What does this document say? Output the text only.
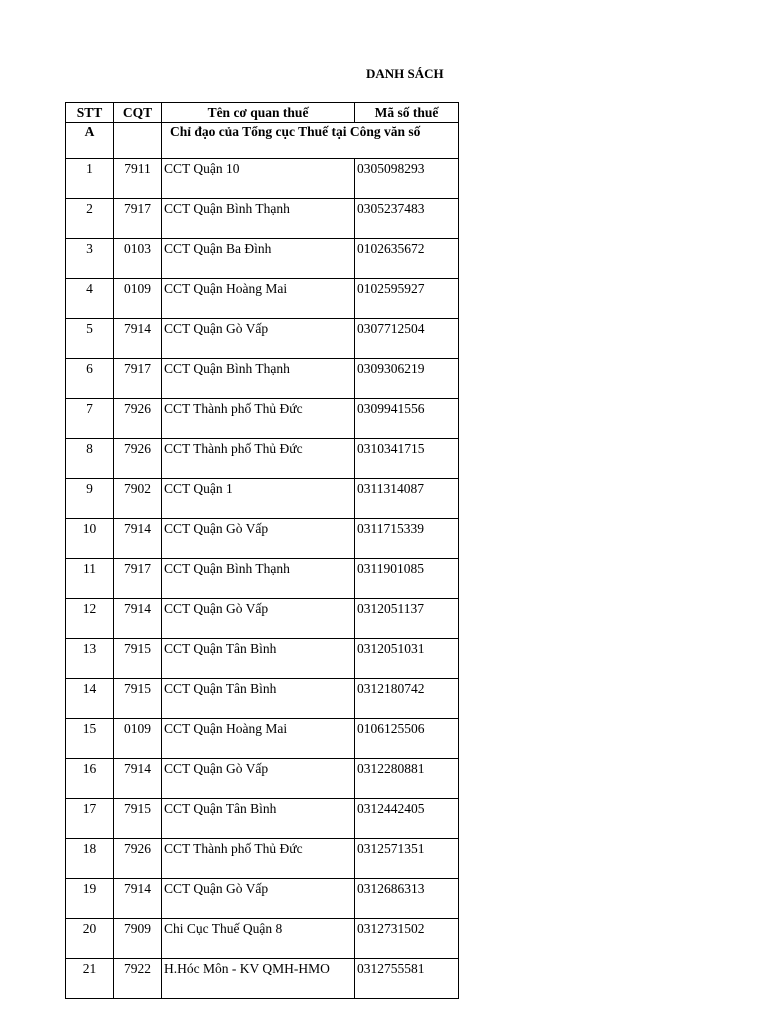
DANH SÁCH
STT	CQT	Tên cơ quan thuế	Mã số thuế
A		Chỉ đạo của Tổng cục Thuế tại Công văn số	
1	7911	CCT Quận 10	0305098293
2	7917	CCT Quận Bình Thạnh	0305237483
3	0103	CCT Quận Ba Đình	0102635672
4	0109	CCT Quận Hoàng Mai	0102595927
5	7914	CCT Quận Gò Vấp	0307712504
6	7917	CCT Quận Bình Thạnh	0309306219
7	7926	CCT Thành phố Thủ Đức	0309941556
8	7926	CCT Thành phố Thủ Đức	0310341715
9	7902	CCT Quận 1	0311314087
10	7914	CCT Quận Gò Vấp	0311715339
11	7917	CCT Quận Bình Thạnh	0311901085
12	7914	CCT Quận Gò Vấp	0312051137
13	7915	CCT Quận Tân Bình	0312051031
14	7915	CCT Quận Tân Bình	0312180742
15	0109	CCT Quận Hoàng Mai	0106125506
16	7914	CCT Quận Gò Vấp	0312280881
17	7915	CCT Quận Tân Bình	0312442405
18	7926	CCT Thành phố Thủ Đức	0312571351
19	7914	CCT Quận Gò Vấp	0312686313
20	7909	Chi Cục Thuế Quận 8	0312731502
21	7922	H.Hóc Môn - KV QMH-HMO	0312755581
